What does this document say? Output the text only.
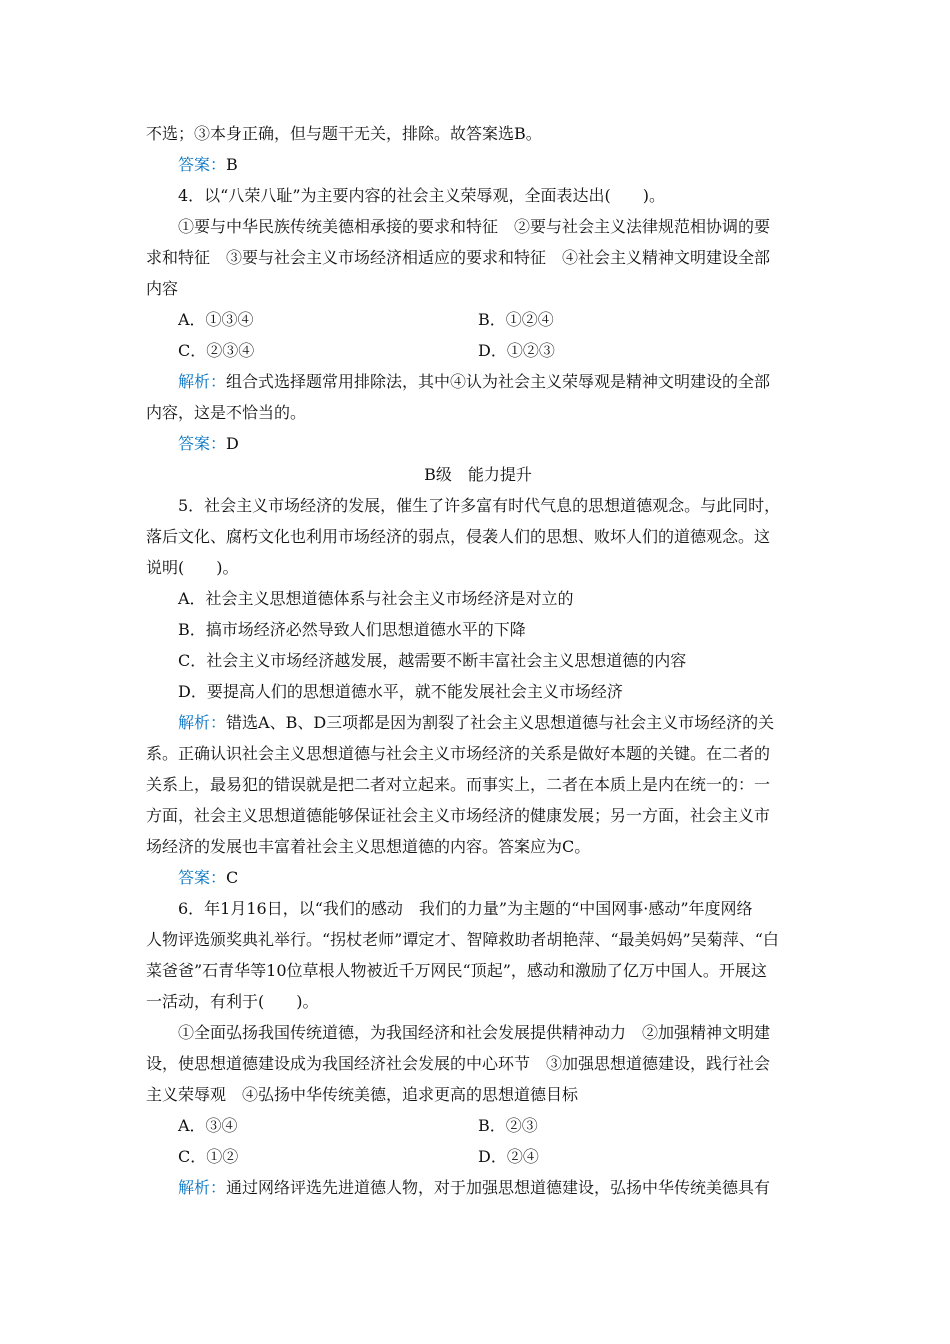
不选；③本身正确，但与题干无关，排除。故答案选B。
答案：B
4．以“八荣八耻”为主要内容的社会主义荣辱观，全面表达出(　　)。
①要与中华民族传统美德相承接的要求和特征　②要与社会主义法律规范相协调的要
求和特征　③要与社会主义市场经济相适应的要求和特征　④社会主义精神文明建设全部
内容
A．①③④	B．①②④
C．②③④	D．①②③
解析：组合式选择题常用排除法，其中④认为社会主义荣辱观是精神文明建设的全部
内容，这是不恰当的。
答案：D
B级　能力提升
5．社会主义市场经济的发展，催生了许多富有时代气息的思想道德观念。与此同时，
落后文化、腐朽文化也利用市场经济的弱点，侵袭人们的思想、败坏人们的道德观念。这
说明(　　)。
A．社会主义思想道德体系与社会主义市场经济是对立的
B．搞市场经济必然导致人们思想道德水平的下降
C．社会主义市场经济越发展，越需要不断丰富社会主义思想道德的内容
D．要提高人们的思想道德水平，就不能发展社会主义市场经济
解析：错选A、B、D三项都是因为割裂了社会主义思想道德与社会主义市场经济的关
系。正确认识社会主义思想道德与社会主义市场经济的关系是做好本题的关键。在二者的
关系上，最易犯的错误就是把二者对立起来。而事实上，二者在本质上是内在统一的：一
方面，社会主义思想道德能够保证社会主义市场经济的健康发展；另一方面，社会主义市
场经济的发展也丰富着社会主义思想道德的内容。答案应为C。
答案：C
6．年1月16日，以“我们的感动　我们的力量”为主题的“中国网事·感动”年度网络
人物评选颁奖典礼举行。“拐杖老师”谭定才、智障救助者胡艳萍、“最美妈妈”吴菊萍、“白
菜爸爸”石青华等10位草根人物被近千万网民“顶起”，感动和激励了亿万中国人。开展这
一活动，有利于(　　)。
①全面弘扬我国传统道德，为我国经济和社会发展提供精神动力　②加强精神文明建
设，使思想道德建设成为我国经济社会发展的中心环节　③加强思想道德建设，践行社会
主义荣辱观　④弘扬中华传统美德，追求更高的思想道德目标
A．③④	B．②③
C．①②	D．②④
解析：通过网络评选先进道德人物，对于加强思想道德建设，弘扬中华传统美德具有
